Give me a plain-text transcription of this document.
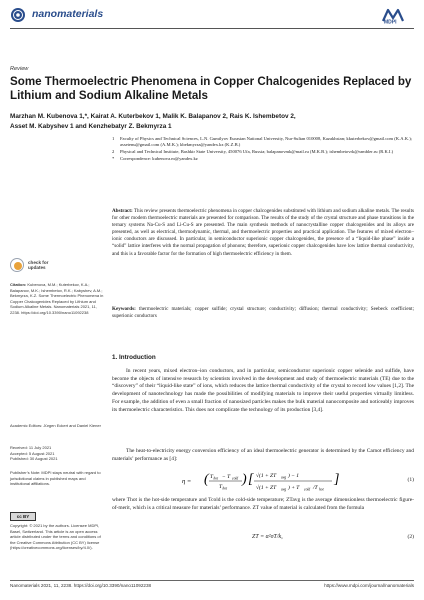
nanomaterials
MDPI
Review
Some Thermoelectric Phenomena in Copper Chalcogenides Replaced by Lithium and Sodium Alkaline Metals
Marzhan M. Kubenova 1,*, Kairat A. Kuterbekov 1, Malik K. Balapanov 2, Rais K. Ishembetov 2,
Asset M. Kabyshev 1 and Kenzhebatyr Z. Bekmyrza 1
1 Faculty of Physics and Technical Sciences, L.N. Gumilyov Eurasian National University, Nur-Sultan 010008, Kazakhstan; kkuterbekov@gmail.com (K.A.K.); assetenu@gmail.com (A.M.K.); kbekmyrza@yandex.kz (K.Z.B.)
2 Physical and Technical Institute, Bashkir State University, 450076 Ufa, Russia; balapanovmk@mail.ru (M.K.B.); ishembetovrk@rambler.ru (R.K.I.)
* Correspondence: kubenova.m@yandex.kz
Abstract: This review presents thermoelectric phenomena in copper chalcogenides substituted with lithium and sodium alkaline metals. The results for other modern thermoelectric materials are presented for comparison. The results of the study of the crystal structure and phase transitions in the ternary systems Na-Cu-S and Li-Cu-S are presented. The main synthesis methods of nanocrystalline copper chalcogenides and its alloys are presented, as well as electrical, thermodynamic, thermal, and thermoelectric properties and practical application. The features of mixed electron–ionic conductors are discussed. In particular, in semiconductor superionic copper chalcogenides, the presence of a “liquid-like phase” inside a “solid” lattice interferes with the normal propagation of phonons; therefore, superionic copper chalcogenides have low lattice thermal conductivity, and this is a favorable factor for the formation of high thermoelectric efficiency in them.
Keywords: thermoelectric materials; copper sulfide; crystal structure; conductivity; diffusion; thermal conductivity; Seebeck coefficient; superionic conductors
check for
updates
Citation: Kubenova, M.M.; Kuterbekov, K.A.; Balapanov, M.K.; Ishembetov, R.K.; Kabyshev, A.M.; Bekmyrza, K.Z. Some Thermoelectric Phenomena in Copper Chalcogenides Replaced by Lithium and Sodium Alkaline Metals. Nanomaterials 2021, 11, 2238. https://doi.org/10.3390/nano11092238
Academic Editors: Jürgen Eckert and Daniel Kiener
Received: 11 July 2021
Accepted: 5 August 2021
Published: 30 August 2021
Publisher’s Note: MDPI stays neutral with regard to jurisdictional claims in published maps and institutional affiliations.
cc BY
Copyright: © 2021 by the authors. Licensee MDPI, Basel, Switzerland. This article is an open access article distributed under the terms and conditions of the Creative Commons Attribution (CC BY) license (https://creativecommons.org/licenses/by/4.0/).
1. Introduction
In recent years, mixed electron–ion conductors, and in particular, semiconductor superionic copper selenide and sulfide, have become the objects of intensive research by scientists involved in the development and study of thermoelectric materials (TE) due to the “discovery” of their “liquid-like state” of ions, which reduces the lattice thermal conductivity of the crystal to record low values [1,2]. The development of nanotechnology has made the possibilities of modifying materials to improve their useful properties virtually limitless. For example, the addition of even a small fraction of nanosized particles makes the bulk material nanocomposite and noticeably improves its thermoelectric characteristics. This does not complicate the technology of its production [3,4].
The heat-to-electricity energy conversion efficiency of an ideal thermoelectric generator is determined by the Carnot efficiency and materials’ performance as [4]:
η = ( T hot − T cold
T hot
) [ √(1 + ZT avg ) − 1
√(1 + ZT avg ) + T cold /T hot
]	(1)
where Thot is the hot-side temperature and Tcold is the cold-side temperature; ZTavg is the average dimensionless thermoelectric figure-of-merit, which is a critical measure for materials’ performance. ZT value of material is calculated from the formula
ZT = α²σT/k,	(2)
Nanomaterials 2021, 11, 2238. https://doi.org/10.3390/nano11092238	https://www.mdpi.com/journal/nanomaterials
